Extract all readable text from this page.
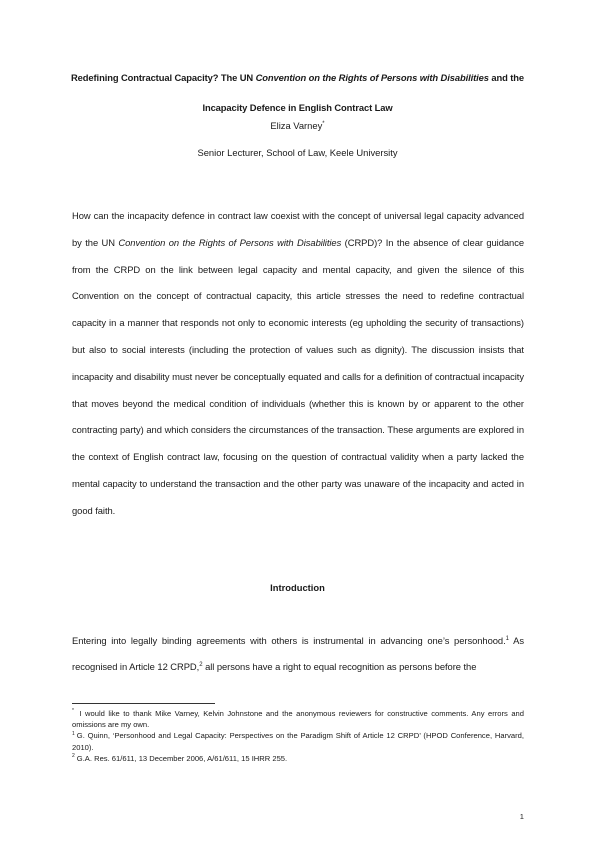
Redefining Contractual Capacity? The UN Convention on the Rights of Persons with Disabilities and the Incapacity Defence in English Contract Law
Eliza Varney*
Senior Lecturer, School of Law, Keele University

How can the incapacity defence in contract law coexist with the concept of universal legal capacity advanced by the UN Convention on the Rights of Persons with Disabilities (CRPD)? In the absence of clear guidance from the CRPD on the link between legal capacity and mental capacity, and given the silence of this Convention on the concept of contractual capacity, this article stresses the need to redefine contractual capacity in a manner that responds not only to economic interests (eg upholding the security of transactions) but also to social interests (including the protection of values such as dignity). The discussion insists that incapacity and disability must never be conceptually equated and calls for a definition of contractual incapacity that moves beyond the medical condition of individuals (whether this is known by or apparent to the other contracting party) and which considers the circumstances of the transaction. These arguments are explored in the context of English contract law, focusing on the question of contractual validity when a party lacked the mental capacity to understand the transaction and the other party was unaware of the incapacity and acted in good faith.

Introduction

Entering into legally binding agreements with others is instrumental in advancing one’s personhood.$^1$ As recognised in Article 12 CRPD,$^2$ all persons have a right to equal recognition as persons before the

* I would like to thank Mike Varney, Kelvin Johnstone and the anonymous reviewers for constructive comments. Any errors and omissions are my own.

$^1$ G. Quinn, ‘Personhood and Legal Capacity: Perspectives on the Paradigm Shift of Article 12 CRPD’ (HPOD Conference, Harvard, 2010).

$^2$ G.A. Res. 61/611, 13 December 2006, A/61/611, 15 IHRR 255.

1
